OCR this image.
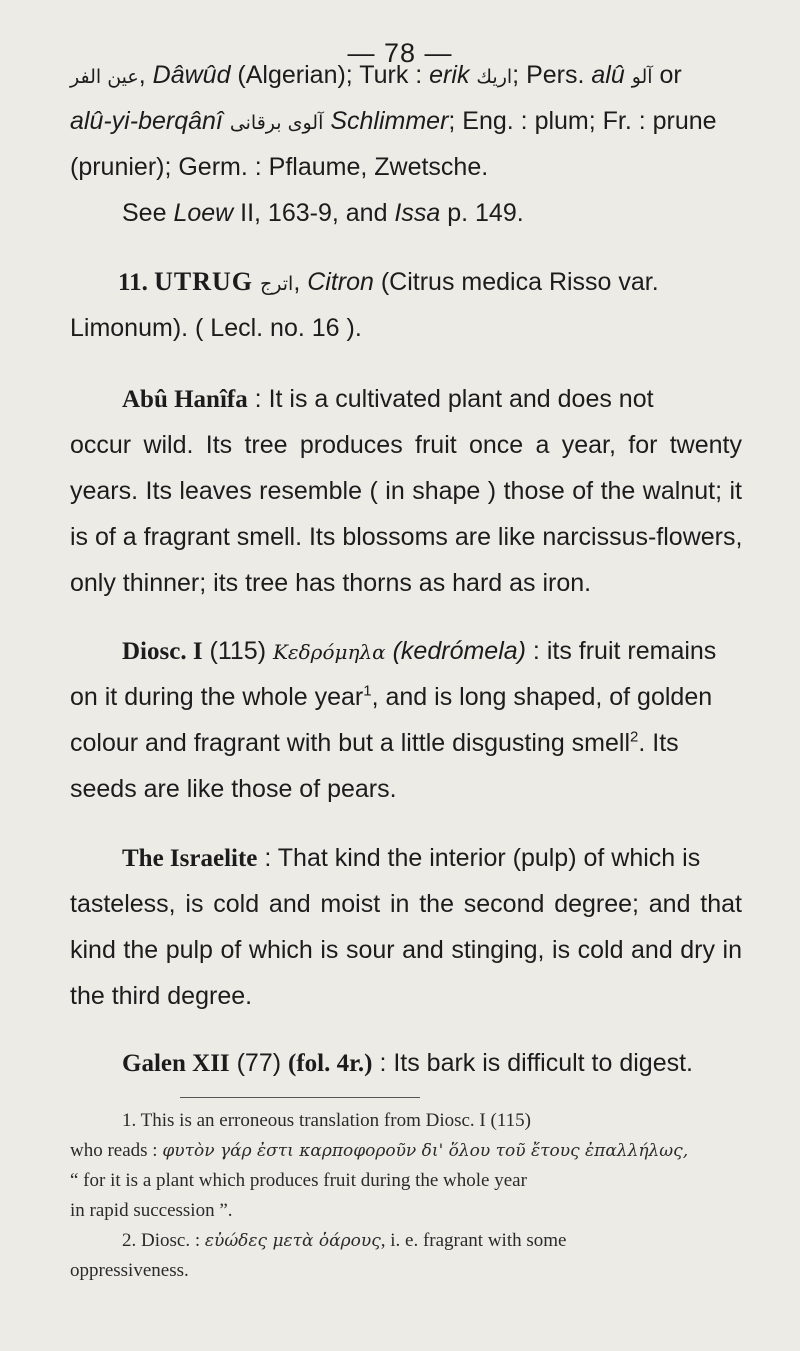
— 78 —
عين الفر, Dâwûd (Algerian); Turk : erik اريك; Pers. alû آلو or
alû-yi-berqânî آلوی برقانی Schlimmer; Eng. : plum; Fr. : prune
(prunier); Germ. : Pflaume, Zwetsche.
See Loew II, 163-9, and Issa p. 149.
11. UTRUG اترج, Citron (Citrus medica Risso var.
Limonum). ( Lecl. no. 16 ).
Abû Hanîfa : It is a cultivated plant and does not
occur wild. Its tree produces fruit once a year, for twenty
years. Its leaves resemble ( in shape ) those of the walnut; it
is of a fragrant smell. Its blossoms are like narcissus-flowers,
only thinner; its tree has thorns as hard as iron.
Diosc. I (115) Κεδρόμηλα (kedrómela) : its fruit remains
on it during the whole year$^1$, and is long shaped, of golden
colour and fragrant with but a little disgusting smell$^2$. Its
seeds are like those of pears.
The Israelite : That kind the interior (pulp) of which is
tasteless, is cold and moist in the second degree; and that
kind the pulp of which is sour and stinging, is cold and dry in
the third degree.
Galen XII (77) (fol. 4r.) : Its bark is difficult to digest.
1. This is an erroneous translation from Diosc. I (115)
who reads : φυτὸν γάρ ἐστι καρποφοροῦν δι' ὅλου τοῦ ἔτους ἐπαλλήλως,
“ for it is a plant which produces fruit during the whole year
in rapid succession ”.
2. Diosc. : εὐώδες μετὰ ὁάρους, i. e. fragrant with some
oppressiveness.
